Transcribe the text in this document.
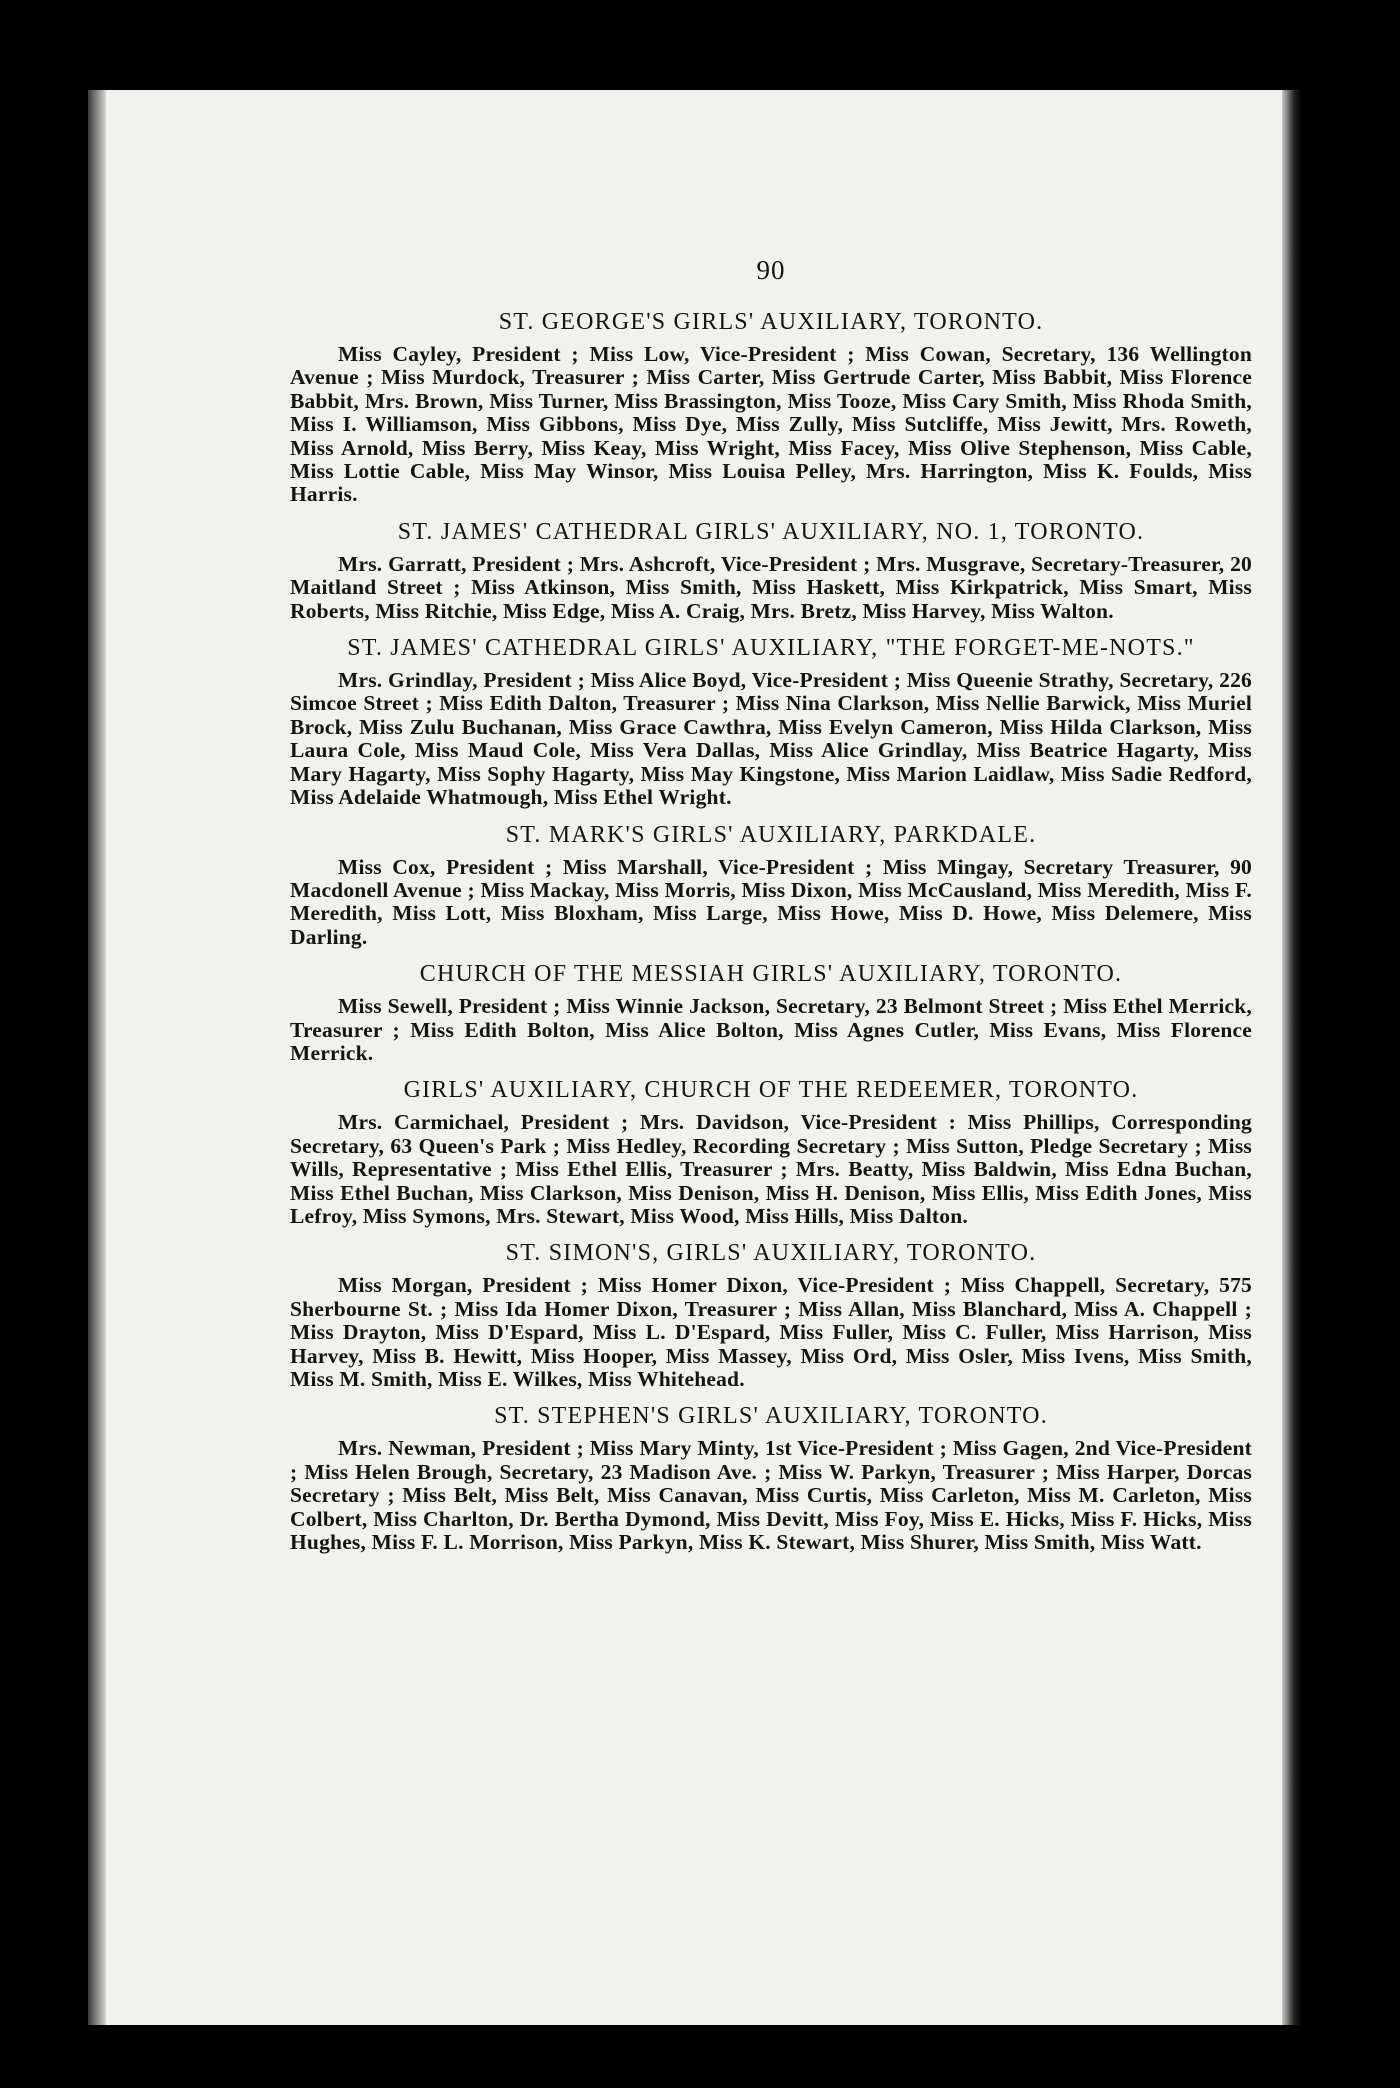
90
ST. GEORGE'S GIRLS' AUXILIARY, TORONTO.

Miss Cayley, President ; Miss Low, Vice-President ; Miss Cowan, Secretary, 136 Wellington Avenue ; Miss Murdock, Treasurer ; Miss Carter, Miss Gertrude Carter, Miss Babbit, Miss Florence Babbit, Mrs. Brown, Miss Turner, Miss Brassington, Miss Tooze, Miss Cary Smith, Miss Rhoda Smith, Miss I. Williamson, Miss Gibbons, Miss Dye, Miss Zully, Miss Sutcliffe, Miss Jewitt, Mrs. Roweth, Miss Arnold, Miss Berry, Miss Keay, Miss Wright, Miss Facey, Miss Olive Stephenson, Miss Cable, Miss Lottie Cable, Miss May Winsor, Miss Louisa Pelley, Mrs. Harrington, Miss K. Foulds, Miss Harris.

ST. JAMES' CATHEDRAL GIRLS' AUXILIARY, NO. 1, TORONTO.

Mrs. Garratt, President ; Mrs. Ashcroft, Vice-President ; Mrs. Musgrave, Secretary-Treasurer, 20 Maitland Street ; Miss Atkinson, Miss Smith, Miss Haskett, Miss Kirkpatrick, Miss Smart, Miss Roberts, Miss Ritchie, Miss Edge, Miss A. Craig, Mrs. Bretz, Miss Harvey, Miss Walton.

ST. JAMES' CATHEDRAL GIRLS' AUXILIARY, "THE FORGET-ME-NOTS."

Mrs. Grindlay, President ; Miss Alice Boyd, Vice-President ; Miss Queenie Strathy, Secretary, 226 Simcoe Street ; Miss Edith Dalton, Treasurer ; Miss Nina Clarkson, Miss Nellie Barwick, Miss Muriel Brock, Miss Zulu Buchanan, Miss Grace Cawthra, Miss Evelyn Cameron, Miss Hilda Clarkson, Miss Laura Cole, Miss Maud Cole, Miss Vera Dallas, Miss Alice Grindlay, Miss Beatrice Hagarty, Miss Mary Hagarty, Miss Sophy Hagarty, Miss May Kingstone, Miss Marion Laidlaw, Miss Sadie Redford, Miss Adelaide Whatmough, Miss Ethel Wright.

ST. MARK'S GIRLS' AUXILIARY, PARKDALE.

Miss Cox, President ; Miss Marshall, Vice-President ; Miss Mingay, Secretary Treasurer, 90 Macdonell Avenue ; Miss Mackay, Miss Morris, Miss Dixon, Miss McCausland, Miss Meredith, Miss F. Meredith, Miss Lott, Miss Bloxham, Miss Large, Miss Howe, Miss D. Howe, Miss Delemere, Miss Darling.

CHURCH OF THE MESSIAH GIRLS' AUXILIARY, TORONTO.

Miss Sewell, President ; Miss Winnie Jackson, Secretary, 23 Belmont Street ; Miss Ethel Merrick, Treasurer ; Miss Edith Bolton, Miss Alice Bolton, Miss Agnes Cutler, Miss Evans, Miss Florence Merrick.

GIRLS' AUXILIARY, CHURCH OF THE REDEEMER, TORONTO.

Mrs. Carmichael, President ; Mrs. Davidson, Vice-President : Miss Phillips, Corresponding Secretary, 63 Queen's Park ; Miss Hedley, Recording Secretary ; Miss Sutton, Pledge Secretary ; Miss Wills, Representative ; Miss Ethel Ellis, Treasurer ; Mrs. Beatty, Miss Baldwin, Miss Edna Buchan, Miss Ethel Buchan, Miss Clarkson, Miss Denison, Miss H. Denison, Miss Ellis, Miss Edith Jones, Miss Lefroy, Miss Symons, Mrs. Stewart, Miss Wood, Miss Hills, Miss Dalton.

ST. SIMON'S, GIRLS' AUXILIARY, TORONTO.

Miss Morgan, President ; Miss Homer Dixon, Vice-President ; Miss Chappell, Secretary, 575 Sherbourne St. ; Miss Ida Homer Dixon, Treasurer ; Miss Allan, Miss Blanchard, Miss A. Chappell ; Miss Drayton, Miss D'Espard, Miss L. D'Espard, Miss Fuller, Miss C. Fuller, Miss Harrison, Miss Harvey, Miss B. Hewitt, Miss Hooper, Miss Massey, Miss Ord, Miss Osler, Miss Ivens, Miss Smith, Miss M. Smith, Miss E. Wilkes, Miss Whitehead.

ST. STEPHEN'S GIRLS' AUXILIARY, TORONTO.

Mrs. Newman, President ; Miss Mary Minty, 1st Vice-President ; Miss Gagen, 2nd Vice-President ; Miss Helen Brough, Secretary, 23 Madison Ave. ; Miss W. Parkyn, Treasurer ; Miss Harper, Dorcas Secretary ; Miss Belt, Miss Belt, Miss Canavan, Miss Curtis, Miss Carleton, Miss M. Carleton, Miss Colbert, Miss Charlton, Dr. Bertha Dymond, Miss Devitt, Miss Foy, Miss E. Hicks, Miss F. Hicks, Miss Hughes, Miss F. L. Morrison, Miss Parkyn, Miss K. Stewart, Miss Shurer, Miss Smith, Miss Watt.
